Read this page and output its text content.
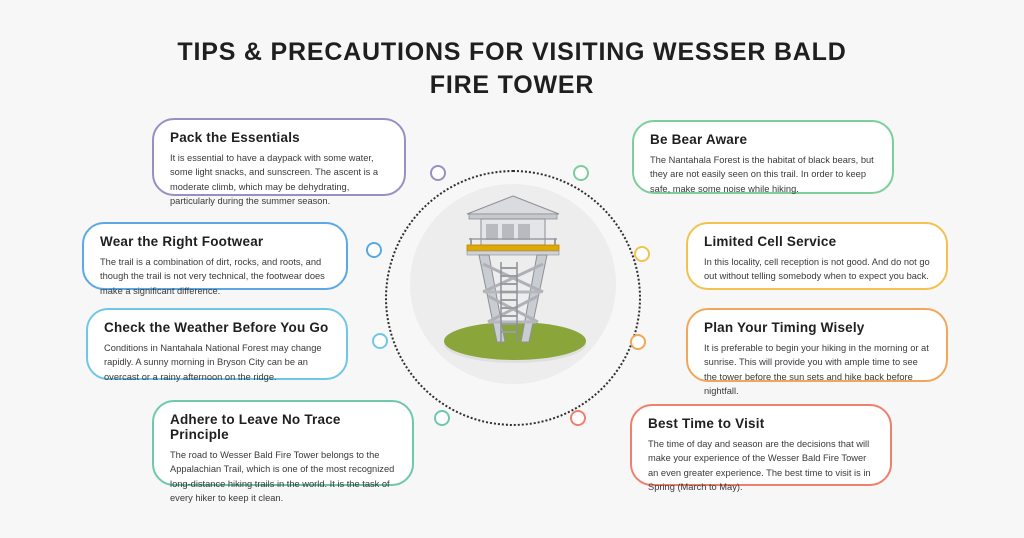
TIPS & PRECAUTIONS FOR VISITING WESSER BALD
FIRE TOWER
Pack the Essentials

It is essential to have a daypack with some water, some light snacks, and sunscreen. The ascent is a moderate climb, which may be dehydrating, particularly during the summer season.

Wear the Right Footwear

The trail is a combination of dirt, rocks, and roots, and though the trail is not very technical, the footwear does make a significant difference.

Check the Weather Before You Go

Conditions in Nantahala National Forest may change rapidly. A sunny morning in Bryson City can be an overcast or a rainy afternoon on the ridge.

Adhere to Leave No Trace Principle

The road to Wesser Bald Fire Tower belongs to the Appalachian Trail, which is one of the most recognized long-distance hiking trails in the world. It is the task of every hiker to keep it clean.

Be Bear Aware

The Nantahala Forest is the habitat of black bears, but they are not easily seen on this trail. In order to keep safe, make some noise while hiking.

Limited Cell Service

In this locality, cell reception is not good. And do not go out without telling somebody when to expect you back.

Plan Your Timing Wisely

It is preferable to begin your hiking in the morning or at sunrise. This will provide you with ample time to see the tower before the sun sets and hike back before nightfall.

Best Time to Visit

The time of day and season are the decisions that will make your experience of the Wesser Bald Fire Tower an even greater experience. The best time to visit is in Spring (March to May).
